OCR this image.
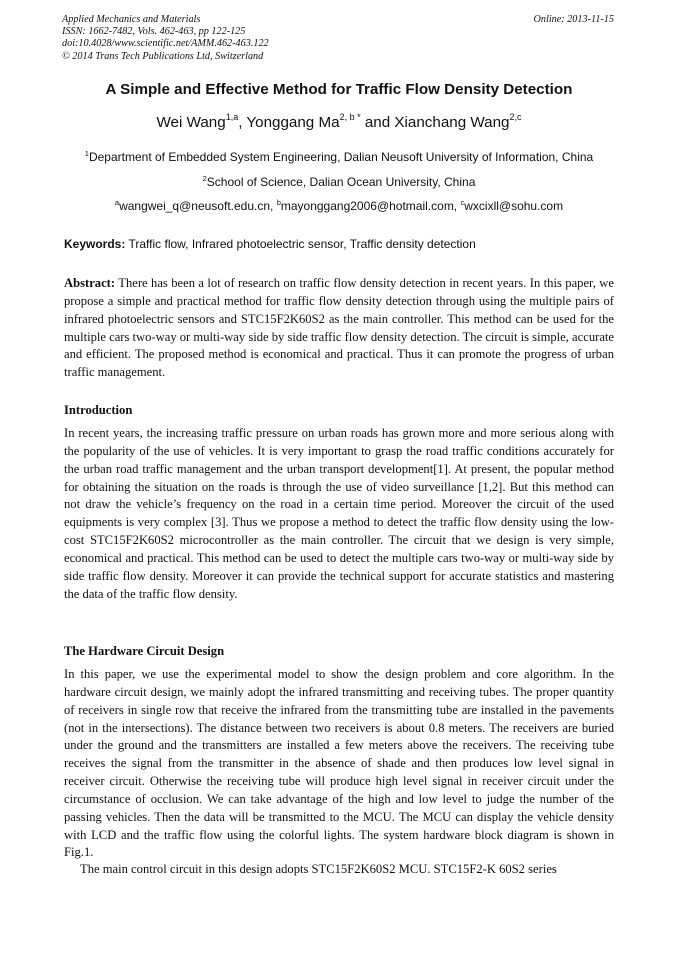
Applied Mechanics and Materials
ISSN: 1662-7482, Vols. 462-463, pp 122-125
doi:10.4028/www.scientific.net/AMM.462-463.122
© 2014 Trans Tech Publications Ltd, Switzerland
Online: 2013-11-15
A Simple and Effective Method for Traffic Flow Density Detection
Wei Wang$^{1,a}$, Yonggang $Ma^{2, b *}$ and Xianchang Wang$^{2,c}$
$^1$Department of Embedded System Engineering, Dalian Neusoft University of Information, China
$^2$School of Science, Dalian Ocean University, China
$^a$wangwei_q@neusoft.edu.cn, $^b$mayonggang2006@hotmail.com, $^c$wxcixll@sohu.com
Keywords: Traffic flow, Infrared photoelectric sensor, Traffic density detection

Abstract: There has been a lot of research on traffic flow density detection in recent years. In this paper, we propose a simple and practical method for traffic flow density detection through using the multiple pairs of infrared photoelectric sensors and STC15F2K60S2 as the main controller. This method can be used for the multiple cars two-way or multi-way side by side traffic flow density detection. The circuit is simple, accurate and efficient. The proposed method is economical and practical. Thus it can promote the progress of urban traffic management.

Introduction

In recent years, the increasing traffic pressure on urban roads has grown more and more serious along with the popularity of the use of vehicles. It is very important to grasp the road traffic conditions accurately for the urban road traffic management and the urban transport development[1]. At present, the popular method for obtaining the situation on the roads is through the use of video surveillance [1,2]. But this method can not draw the vehicle’s frequency on the road in a certain time period. Moreover the circuit of the used equipments is very complex [3]. Thus we propose a method to detect the traffic flow density using the low-cost STC15F2K60S2 microcontroller as the main controller. The circuit that we design is very simple, economical and practical. This method can be used to detect the multiple cars two-way or multi-way side by side traffic flow density. Moreover it can provide the technical support for accurate statistics and mastering the data of the traffic flow density.

The Hardware Circuit Design

In this paper, we use the experimental model to show the design problem and core algorithm. In the hardware circuit design, we mainly adopt the infrared transmitting and receiving tubes. The proper quantity of receivers in single row that receive the infrared from the transmitting tube are installed in the pavements (not in the intersections). The distance between two receivers is about 0.8 meters. The receivers are buried under the ground and the transmitters are installed a few meters above the receivers. The receiving tube receives the signal from the transmitter in the absence of shade and then produces low level signal in receiver circuit. Otherwise the receiving tube will produce high level signal in receiver circuit under the circumstance of occlusion. We can take advantage of the high and low level to judge the number of the passing vehicles. Then the data will be transmitted to the MCU. The MCU can display the vehicle density with LCD and the traffic flow using the colorful lights. The system hardware block diagram is shown in Fig.1.

The main control circuit in this design adopts STC15F2K60S2 MCU. STC15F2-K 60S2 series
